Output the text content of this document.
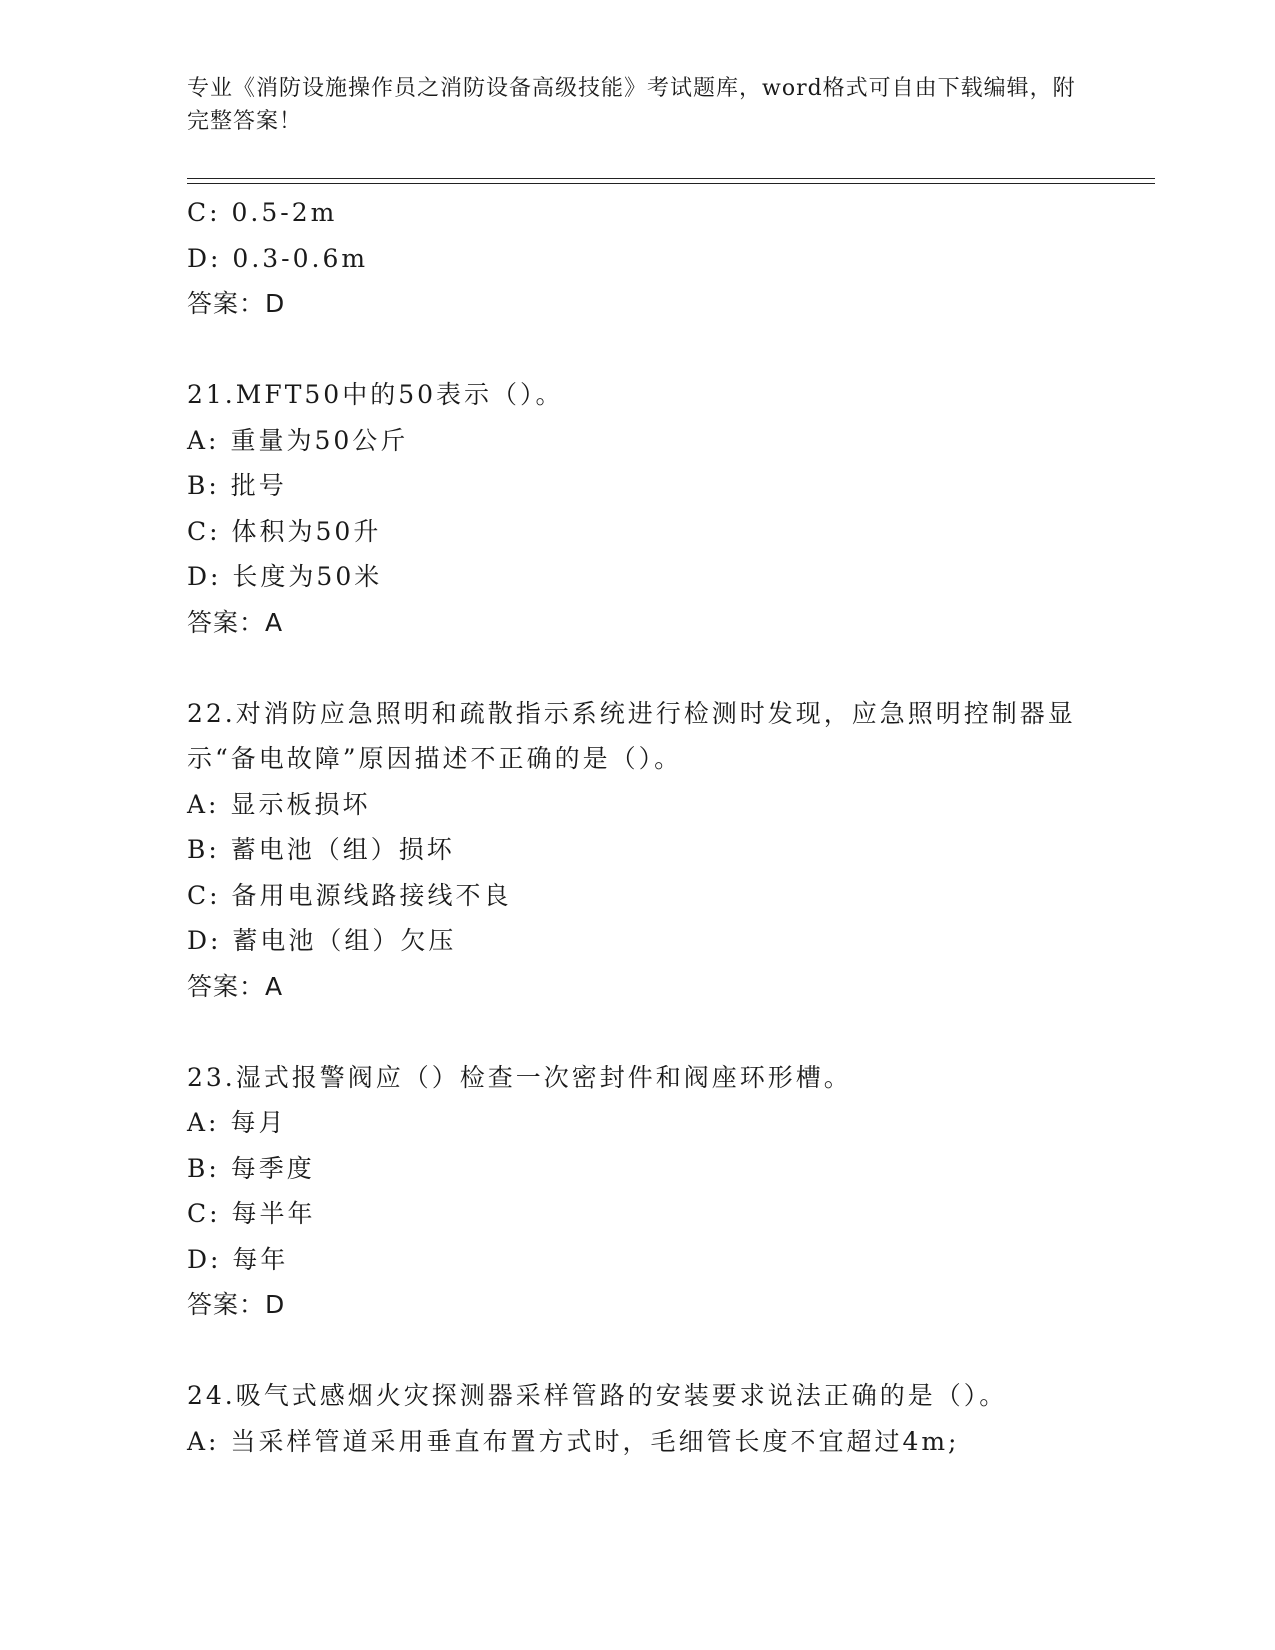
专业《消防设施操作员之消防设备高级技能》考试题库，word格式可自由下载编辑，附完整答案！
C: 0.5-2m
D: 0.3-0.6m
答案：D
21.MFT50中的50表示（）。
A: 重量为50公斤
B: 批号
C: 体积为50升
D: 长度为50米
答案：A
22.对消防应急照明和疏散指示系统进行检测时发现，应急照明控制器显示“备电故障”原因描述不正确的是（）。
A: 显示板损坏
B: 蓄电池（组）损坏
C: 备用电源线路接线不良
D: 蓄电池（组）欠压
答案：A
23.湿式报警阀应（）检查一次密封件和阀座环形槽。
A: 每月
B: 每季度
C: 每半年
D: 每年
答案：D
24.吸气式感烟火灾探测器采样管路的安装要求说法正确的是（）。
A: 当采样管道采用垂直布置方式时，毛细管长度不宜超过4m;
